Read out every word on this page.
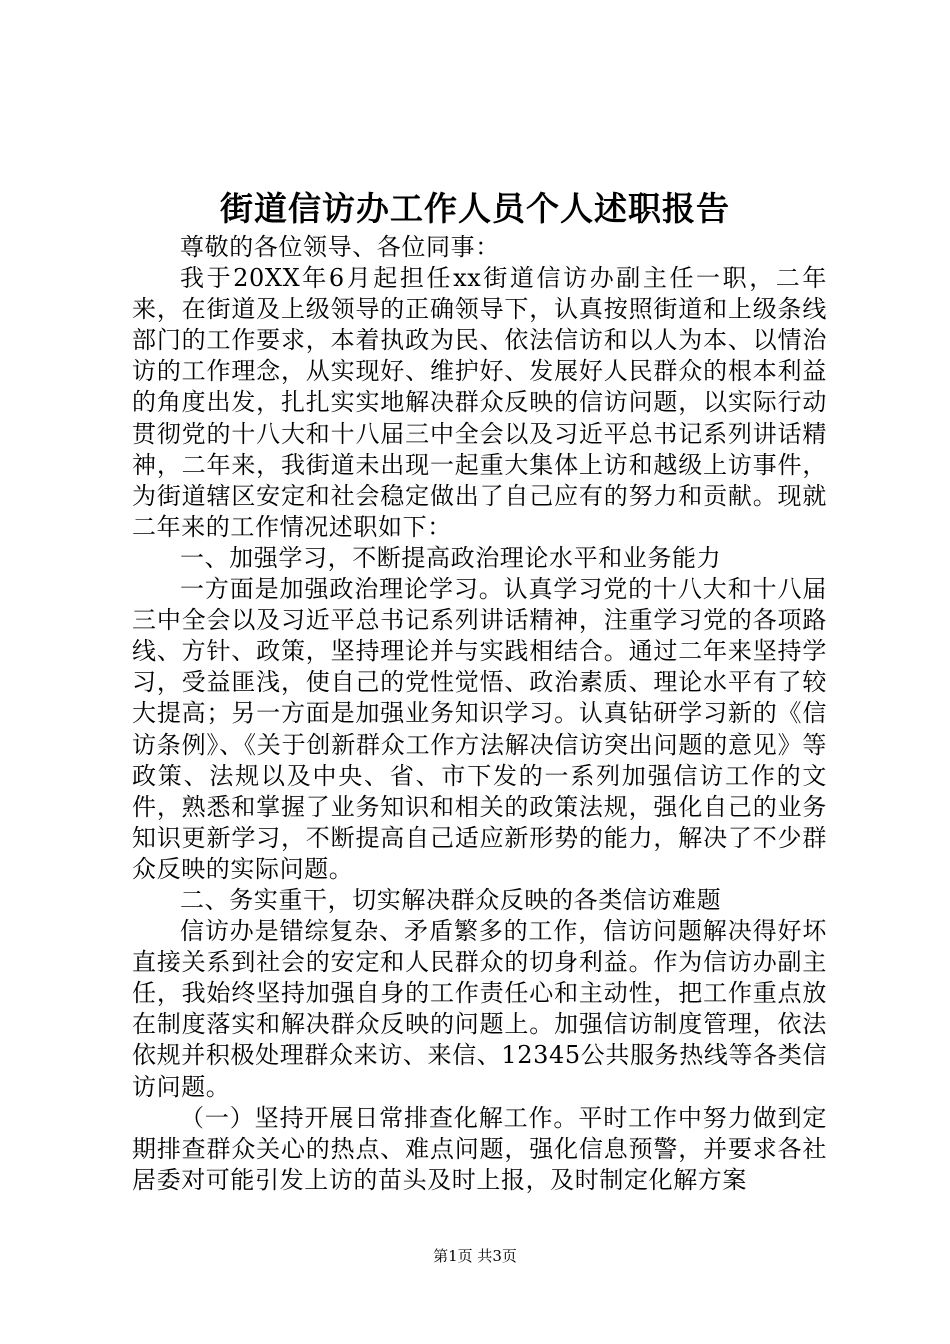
街道信访办工作人员个人述职报告

尊敬的各位领导、各位同事：

我于20XX年6月起担任xx街道信访办副主任一职，二年来，在街道及上级领导的正确领导下，认真按照街道和上级条线部门的工作要求，本着执政为民、依法信访和以人为本、以情治访的工作理念，从实现好、维护好、发展好人民群众的根本利益的角度出发，扎扎实实地解决群众反映的信访问题，以实际行动贯彻党的十八大和十八届三中全会以及习近平总书记系列讲话精神，二年来，我街道未出现一起重大集体上访和越级上访事件，为街道辖区安定和社会稳定做出了自己应有的努力和贡献。现就二年来的工作情况述职如下：

一、加强学习，不断提高政治理论水平和业务能力

一方面是加强政治理论学习。认真学习党的十八大和十八届三中全会以及习近平总书记系列讲话精神，注重学习党的各项路线、方针、政策，坚持理论并与实践相结合。通过二年来坚持学习，受益匪浅，使自己的党性觉悟、政治素质、理论水平有了较大提高；另一方面是加强业务知识学习。认真钻研学习新的《信访条例》、《关于创新群众工作方法解决信访突出问题的意见》等政策、法规以及中央、省、市下发的一系列加强信访工作的文件，熟悉和掌握了业务知识和相关的政策法规，强化自己的业务知识更新学习，不断提高自己适应新形势的能力，解决了不少群众反映的实际问题。

二、务实重干，切实解决群众反映的各类信访难题

信访办是错综复杂、矛盾繁多的工作，信访问题解决得好坏直接关系到社会的安定和人民群众的切身利益。作为信访办副主任，我始终坚持加强自身的工作责任心和主动性，把工作重点放在制度落实和解决群众反映的问题上。加强信访制度管理，依法依规并积极处理群众来访、来信、12345公共服务热线等各类信访问题。

（一）坚持开展日常排查化解工作。平时工作中努力做到定期排查群众关心的热点、难点问题，强化信息预警，并要求各社居委对可能引发上访的苗头及时上报，及时制定化解方案

第1页 共3页
